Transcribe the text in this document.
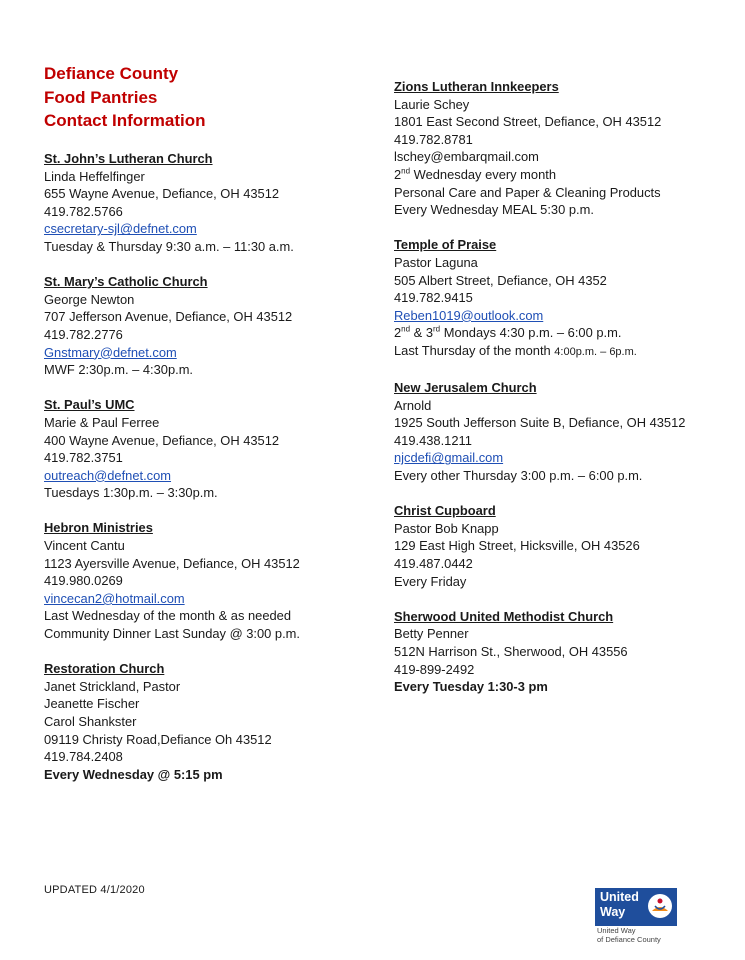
Defiance County
Food Pantries
Contact Information
St. John’s Lutheran Church
Linda Heffelfinger
655 Wayne Avenue, Defiance, OH 43512
419.782.5766
csecretary-sjl@defnet.com
Tuesday & Thursday 9:30 a.m. – 11:30 a.m.
St. Mary’s Catholic Church
George Newton
707 Jefferson Avenue, Defiance, OH 43512
419.782.2776
Gnstmary@defnet.com
MWF 2:30p.m. – 4:30p.m.
St. Paul’s UMC
Marie & Paul Ferree
400 Wayne Avenue, Defiance, OH 43512
419.782.3751
outreach@defnet.com
Tuesdays 1:30p.m. – 3:30p.m.
Hebron Ministries
Vincent Cantu
1123 Ayersville Avenue, Defiance, OH 43512
419.980.0269
vincecan2@hotmail.com
Last Wednesday of the month & as needed
Community Dinner Last Sunday @ 3:00 p.m.
Restoration Church
Janet Strickland, Pastor
Jeanette Fischer
Carol Shankster
09119 Christy Road,Defiance Oh 43512
419.784.2408
Every Wednesday @ 5:15 pm
Zions Lutheran Innkeepers
Laurie Schey
1801 East Second Street, Defiance, OH 43512
419.782.8781
lschey@embarqmail.com
2nd Wednesday every month
Personal Care and Paper & Cleaning Products
Every Wednesday MEAL 5:30 p.m.
Temple of Praise
Pastor Laguna
505 Albert Street, Defiance, OH 4352
419.782.9415
Reben1019@outlook.com
2nd & 3rd Mondays 4:30 p.m. – 6:00 p.m.
Last Thursday of the month 4:00p.m. – 6p.m.
New Jerusalem Church
Arnold
1925 South Jefferson Suite B, Defiance, OH 43512
419.438.1211
njcdefi@gmail.com
Every other Thursday 3:00 p.m. – 6:00 p.m.
Christ Cupboard
Pastor Bob Knapp
129 East High Street, Hicksville, OH 43526
419.487.0442
Every Friday
Sherwood United Methodist Church
Betty Penner
512N Harrison St., Sherwood, OH 43556
419-899-2492
Every Tuesday 1:30-3 pm
UPDATED 4/1/2020	United
Way
United Way
of Defiance County
